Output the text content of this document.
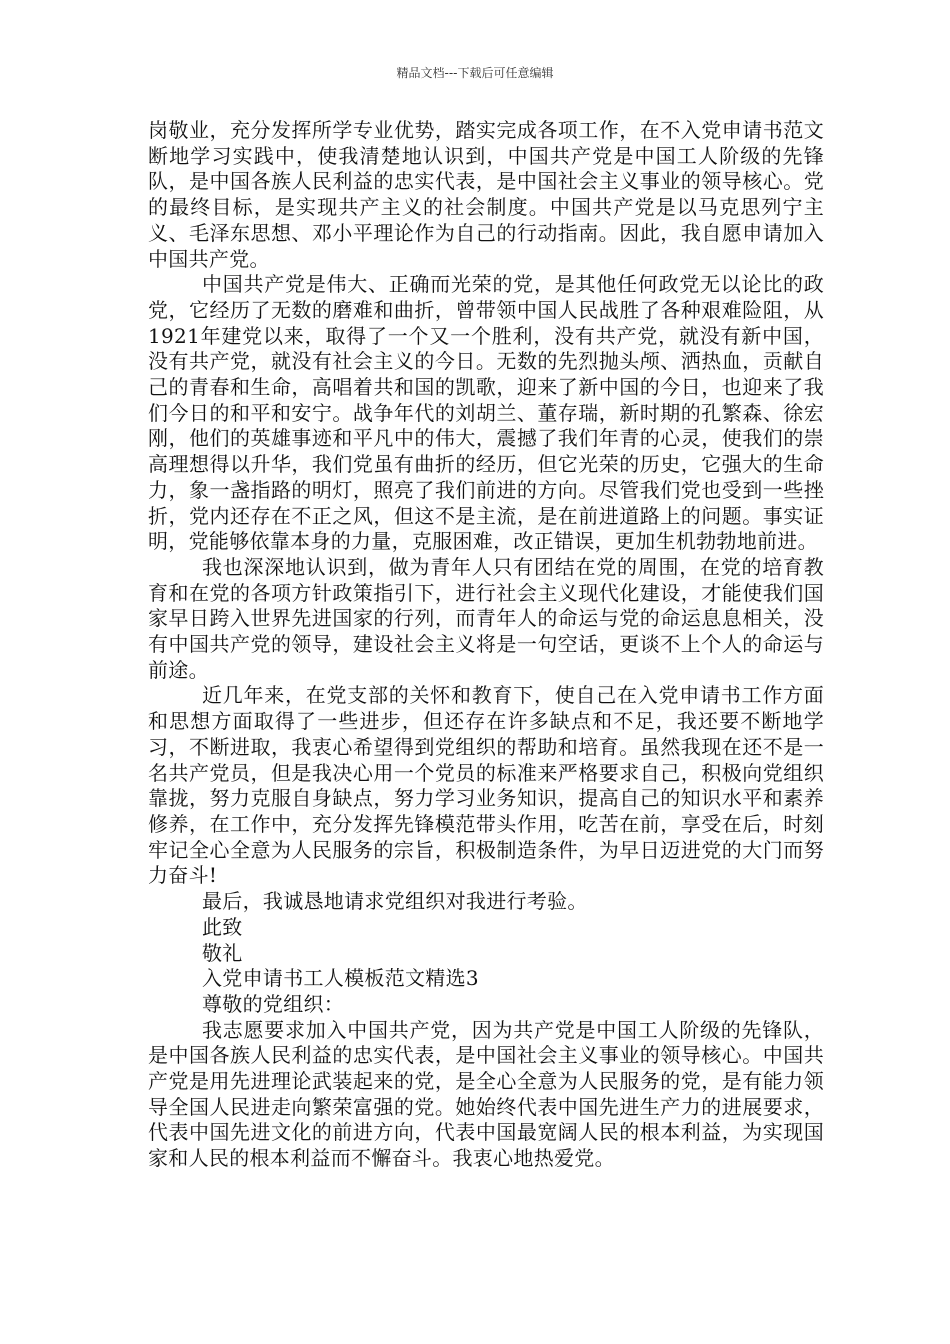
精品文档---下载后可任意编辑

岗敬业，充分发挥所学专业优势，踏实完成各项工作，在不入党申请书范文断地学习实践中，使我清楚地认识到，中国共产党是中国工人阶级的先锋队，是中国各族人民利益的忠实代表，是中国社会主义事业的领导核心。党的最终目标，是实现共产主义的社会制度。中国共产党是以马克思列宁主义、毛泽东思想、邓小平理论作为自己的行动指南。因此，我自愿申请加入中国共产党。

中国共产党是伟大、正确而光荣的党，是其他任何政党无以论比的政党，它经历了无数的磨难和曲折，曾带领中国人民战胜了各种艰难险阻，从1921年建党以来，取得了一个又一个胜利，没有共产党，就没有新中国，没有共产党，就没有社会主义的今日。无数的先烈抛头颅、洒热血，贡献自己的青春和生命，高唱着共和国的凯歌，迎来了新中国的今日，也迎来了我们今日的和平和安宁。战争年代的刘胡兰、董存瑞，新时期的孔繁森、徐宏刚，他们的英雄事迹和平凡中的伟大，震撼了我们年青的心灵，使我们的崇高理想得以升华，我们党虽有曲折的经历，但它光荣的历史，它强大的生命力，象一盏指路的明灯，照亮了我们前进的方向。尽管我们党也受到一些挫折，党内还存在不正之风，但这不是主流，是在前进道路上的问题。事实证明，党能够依靠本身的力量，克服困难，改正错误，更加生机勃勃地前进。

我也深深地认识到，做为青年人只有团结在党的周围，在党的培育教育和在党的各项方针政策指引下，进行社会主义现代化建设，才能使我们国家早日跨入世界先进国家的行列，而青年人的命运与党的命运息息相关，没有中国共产党的领导，建设社会主义将是一句空话，更谈不上个人的命运与前途。

近几年来，在党支部的关怀和教育下，使自己在入党申请书工作方面和思想方面取得了一些进步，但还存在许多缺点和不足，我还要不断地学习，不断进取，我衷心希望得到党组织的帮助和培育。虽然我现在还不是一名共产党员，但是我决心用一个党员的标准来严格要求自己，积极向党组织靠拢，努力克服自身缺点，努力学习业务知识，提高自己的知识水平和素养修养，在工作中，充分发挥先锋模范带头作用，吃苦在前，享受在后，时刻牢记全心全意为人民服务的宗旨，积极制造条件，为早日迈进党的大门而努力奋斗!

最后，我诚恳地请求党组织对我进行考验。

此致

敬礼

入党申请书工人模板范文精选3

尊敬的党组织：

我志愿要求加入中国共产党，因为共产党是中国工人阶级的先锋队，是中国各族人民利益的忠实代表，是中国社会主义事业的领导核心。中国共产党是用先进理论武装起来的党，是全心全意为人民服务的党，是有能力领导全国人民进走向繁荣富强的党。她始终代表中国先进生产力的进展要求，代表中国先进文化的前进方向，代表中国最宽阔人民的根本利益，为实现国家和人民的根本利益而不懈奋斗。我衷心地热爱党。
